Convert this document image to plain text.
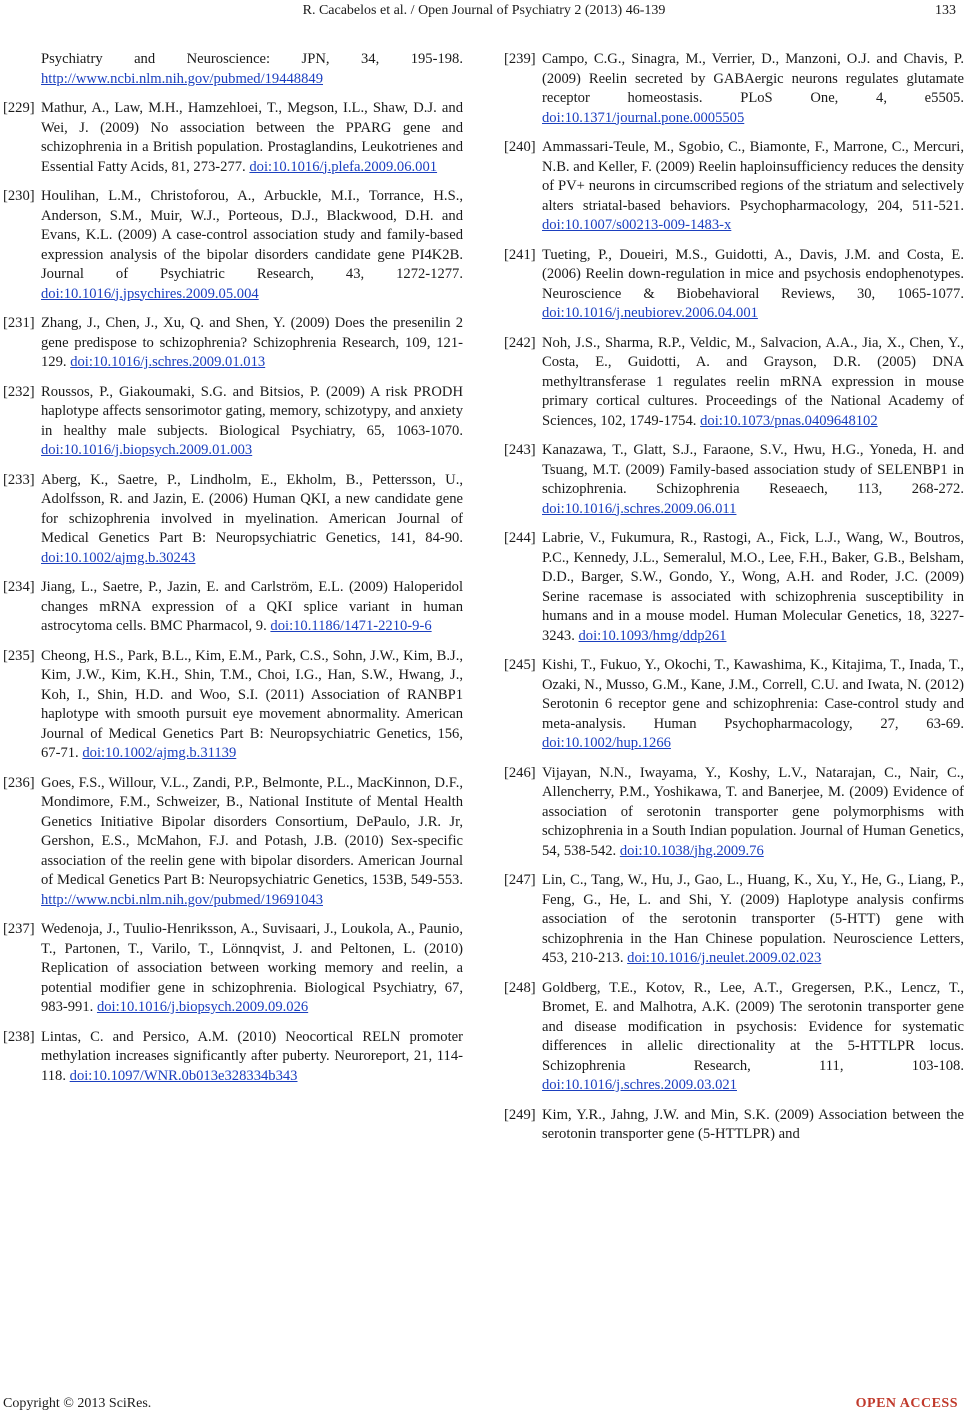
R. Cacabelos et al. / Open Journal of Psychiatry 2 (2013) 46-139	133
Psychiatry and Neuroscience: JPN, 34, 195-198. http://www.ncbi.nlm.nih.gov/pubmed/19448849
[229] Mathur, A., Law, M.H., Hamzehloei, T., Megson, I.L., Shaw, D.J. and Wei, J. (2009) No association between the PPARG gene and schizophrenia in a British population. Prostaglandins, Leukotrienes and Essential Fatty Acids, 81, 273-277. doi:10.1016/j.plefa.2009.06.001
[230] Houlihan, L.M., Christoforou, A., Arbuckle, M.I., Torrance, H.S., Anderson, S.M., Muir, W.J., Porteous, D.J., Blackwood, D.H. and Evans, K.L. (2009) A case-control association study and family-based expression analysis of the bipolar disorders candidate gene PI4K2B. Journal of Psychiatric Research, 43, 1272-1277. doi:10.1016/j.jpsychires.2009.05.004
[231] Zhang, J., Chen, J., Xu, Q. and Shen, Y. (2009) Does the presenilin 2 gene predispose to schizophrenia? Schizophrenia Research, 109, 121-129. doi:10.1016/j.schres.2009.01.013
[232] Roussos, P., Giakoumaki, S.G. and Bitsios, P. (2009) A risk PRODH haplotype affects sensorimotor gating, memory, schizotypy, and anxiety in healthy male subjects. Biological Psychiatry, 65, 1063-1070. doi:10.1016/j.biopsych.2009.01.003
[233] Aberg, K., Saetre, P., Lindholm, E., Ekholm, B., Pettersson, U., Adolfsson, R. and Jazin, E. (2006) Human QKI, a new candidate gene for schizophrenia involved in myelination. American Journal of Medical Genetics Part B: Neuropsychiatric Genetics, 141, 84-90. doi:10.1002/ajmg.b.30243
[234] Jiang, L., Saetre, P., Jazin, E. and Carlström, E.L. (2009) Haloperidol changes mRNA expression of a QKI splice variant in human astrocytoma cells. BMC Pharmacol, 9. doi:10.1186/1471-2210-9-6
[235] Cheong, H.S., Park, B.L., Kim, E.M., Park, C.S., Sohn, J.W., Kim, B.J., Kim, J.W., Kim, K.H., Shin, T.M., Choi, I.G., Han, S.W., Hwang, J., Koh, I., Shin, H.D. and Woo, S.I. (2011) Association of RANBP1 haplotype with smooth pursuit eye movement abnormality. American Journal of Medical Genetics Part B: Neuropsychiatric Genetics, 156, 67-71. doi:10.1002/ajmg.b.31139
[236] Goes, F.S., Willour, V.L., Zandi, P.P., Belmonte, P.L., MacKinnon, D.F., Mondimore, F.M., Schweizer, B., National Institute of Mental Health Genetics Initiative Bipolar disorders Consortium, DePaulo, J.R. Jr, Gershon, E.S., McMahon, F.J. and Potash, J.B. (2010) Sex-specific association of the reelin gene with bipolar disorders. American Journal of Medical Genetics Part B: Neuropsychiatric Genetics, 153B, 549-553. http://www.ncbi.nlm.nih.gov/pubmed/19691043
[237] Wedenoja, J., Tuulio-Henriksson, A., Suvisaari, J., Loukola, A., Paunio, T., Partonen, T., Varilo, T., Lönnqvist, J. and Peltonen, L. (2010) Replication of association between working memory and reelin, a potential modifier gene in schizophrenia. Biological Psychiatry, 67, 983-991. doi:10.1016/j.biopsych.2009.09.026
[238] Lintas, C. and Persico, A.M. (2010) Neocortical RELN promoter methylation increases significantly after puberty. Neuroreport, 21, 114-118. doi:10.1097/WNR.0b013e328334b343
[239] Campo, C.G., Sinagra, M., Verrier, D., Manzoni, O.J. and Chavis, P. (2009) Reelin secreted by GABAergic neurons regulates glutamate receptor homeostasis. PLoS One, 4, e5505. doi:10.1371/journal.pone.0005505
[240] Ammassari-Teule, M., Sgobio, C., Biamonte, F., Marrone, C., Mercuri, N.B. and Keller, F. (2009) Reelin haploinsufficiency reduces the density of PV+ neurons in circumscribed regions of the striatum and selectively alters striatal-based behaviors. Psychopharmacology, 204, 511-521. doi:10.1007/s00213-009-1483-x
[241] Tueting, P., Doueiri, M.S., Guidotti, A., Davis, J.M. and Costa, E. (2006) Reelin down-regulation in mice and psychosis endophenotypes. Neuroscience & Biobehavioral Reviews, 30, 1065-1077. doi:10.1016/j.neubiorev.2006.04.001
[242] Noh, J.S., Sharma, R.P., Veldic, M., Salvacion, A.A., Jia, X., Chen, Y., Costa, E., Guidotti, A. and Grayson, D.R. (2005) DNA methyltransferase 1 regulates reelin mRNA expression in mouse primary cortical cultures. Proceedings of the National Academy of Sciences, 102, 1749-1754. doi:10.1073/pnas.0409648102
[243] Kanazawa, T., Glatt, S.J., Faraone, S.V., Hwu, H.G., Yoneda, H. and Tsuang, M.T. (2009) Family-based association study of SELENBP1 in schizophrenia. Schizophrenia Reseaech, 113, 268-272. doi:10.1016/j.schres.2009.06.011
[244] Labrie, V., Fukumura, R., Rastogi, A., Fick, L.J., Wang, W., Boutros, P.C., Kennedy, J.L., Semeralul, M.O., Lee, F.H., Baker, G.B., Belsham, D.D., Barger, S.W., Gondo, Y., Wong, A.H. and Roder, J.C. (2009) Serine racemase is associated with schizophrenia susceptibility in humans and in a mouse model. Human Molecular Genetics, 18, 3227-3243. doi:10.1093/hmg/ddp261
[245] Kishi, T., Fukuo, Y., Okochi, T., Kawashima, K., Kitajima, T., Inada, T., Ozaki, N., Musso, G.M., Kane, J.M., Correll, C.U. and Iwata, N. (2012) Serotonin 6 receptor gene and schizophrenia: Case-control study and meta-analysis. Human Psychopharmacology, 27, 63-69. doi:10.1002/hup.1266
[246] Vijayan, N.N., Iwayama, Y., Koshy, L.V., Natarajan, C., Nair, C., Allencherry, P.M., Yoshikawa, T. and Banerjee, M. (2009) Evidence of association of serotonin transporter gene polymorphisms with schizophrenia in a South Indian population. Journal of Human Genetics, 54, 538-542. doi:10.1038/jhg.2009.76
[247] Lin, C., Tang, W., Hu, J., Gao, L., Huang, K., Xu, Y., He, G., Liang, P., Feng, G., He, L. and Shi, Y. (2009) Haplotype analysis confirms association of the serotonin transporter (5-HTT) gene with schizophrenia in the Han Chinese population. Neuroscience Letters, 453, 210-213. doi:10.1016/j.neulet.2009.02.023
[248] Goldberg, T.E., Kotov, R., Lee, A.T., Gregersen, P.K., Lencz, T., Bromet, E. and Malhotra, A.K. (2009) The serotonin transporter gene and disease modification in psychosis: Evidence for systematic differences in allelic directionality at the 5-HTTLPR locus. Schizophrenia Research, 111, 103-108. doi:10.1016/j.schres.2009.03.021
[249] Kim, Y.R., Jahng, J.W. and Min, S.K. (2009) Association between the serotonin transporter gene (5-HTTLPR) and
Copyright © 2013 SciRes.	OPEN ACCESS
